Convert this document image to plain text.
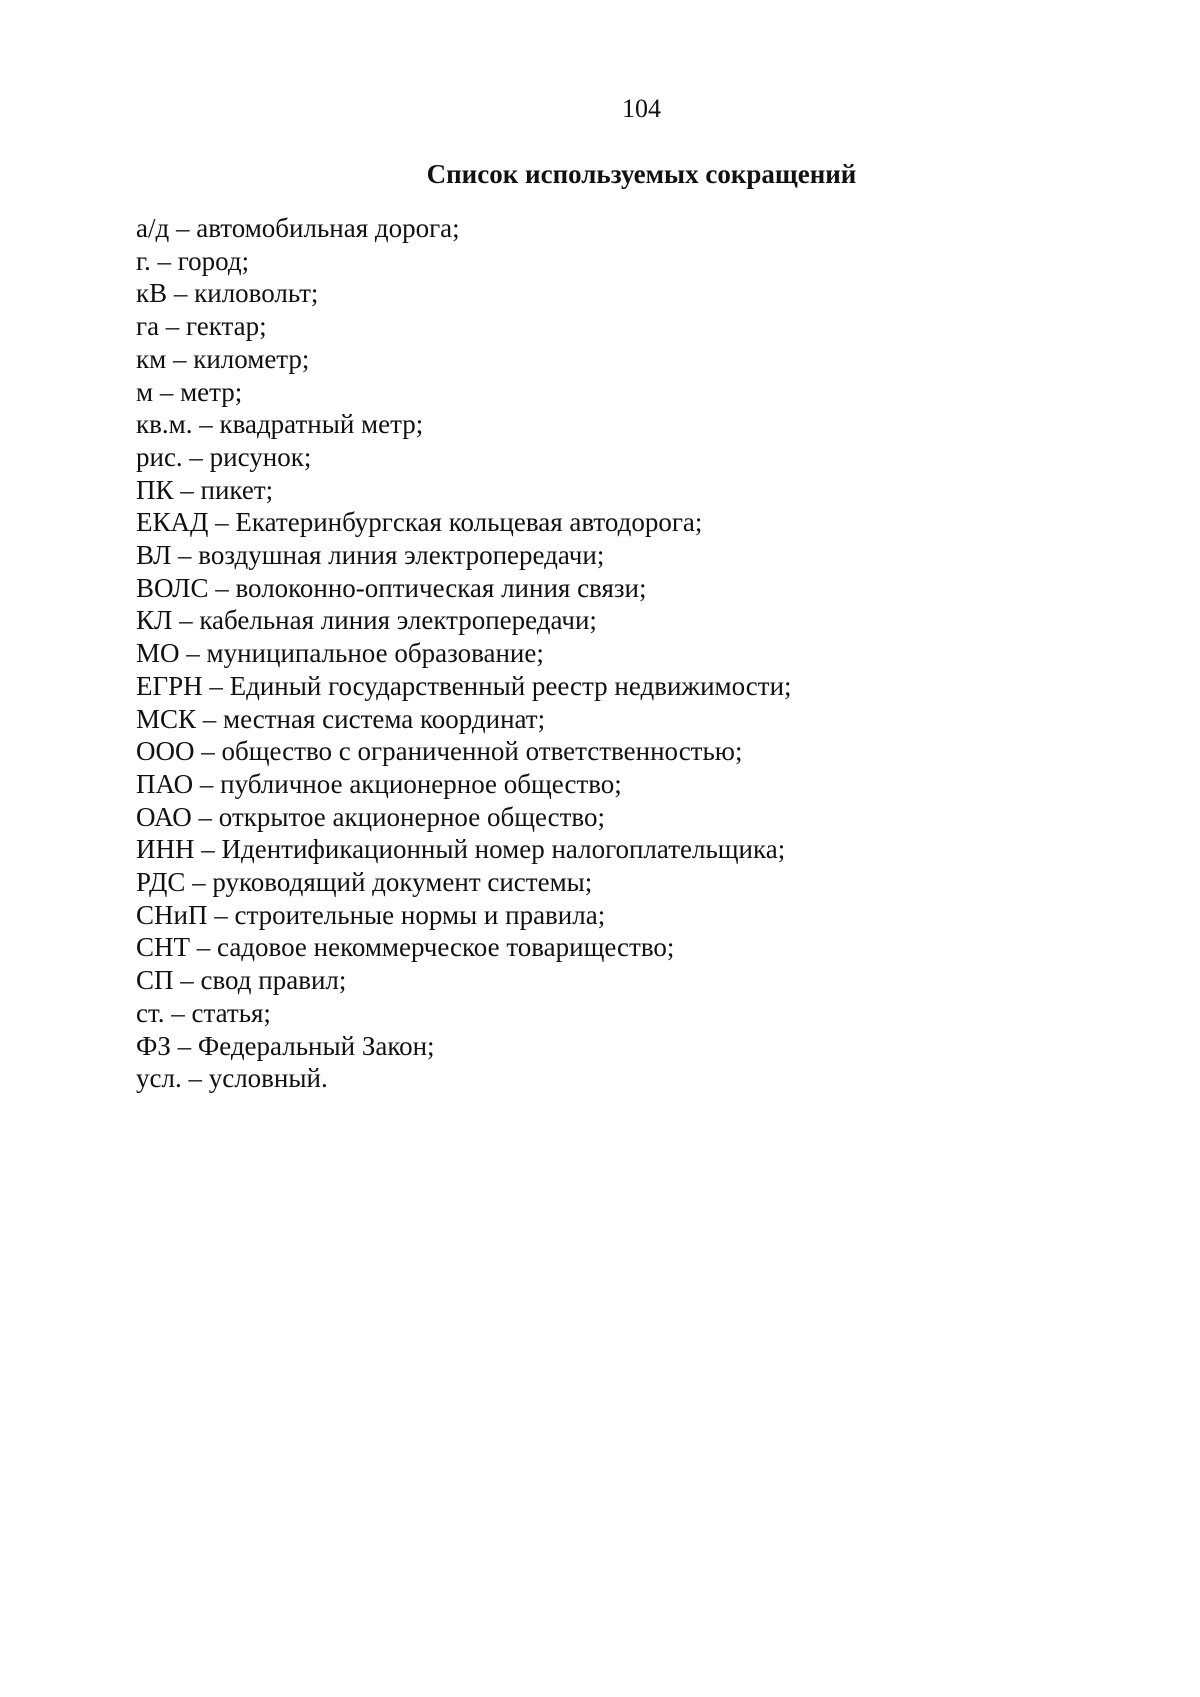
104
Список используемых сокращений
а/д – автомобильная дорога;
г. – город;
кВ – киловольт;
га – гектар;
км – километр;
м – метр;
кв.м. – квадратный метр;
рис. – рисунок;
ПК – пикет;
ЕКАД – Екатеринбургская кольцевая автодорога;
ВЛ – воздушная линия электропередачи;
ВОЛС – волоконно-оптическая линия связи;
КЛ – кабельная линия электропередачи;
МО – муниципальное образование;
ЕГРН – Единый государственный реестр недвижимости;
МСК – местная система координат;
ООО – общество с ограниченной ответственностью;
ПАО – публичное акционерное общество;
ОАО – открытое акционерное общество;
ИНН – Идентификационный номер налогоплательщика;
РДС – руководящий документ системы;
СНиП – строительные нормы и правила;
СНТ – садовое некоммерческое товарищество;
СП – свод правил;
ст. – статья;
ФЗ – Федеральный Закон;
усл. – условный.
